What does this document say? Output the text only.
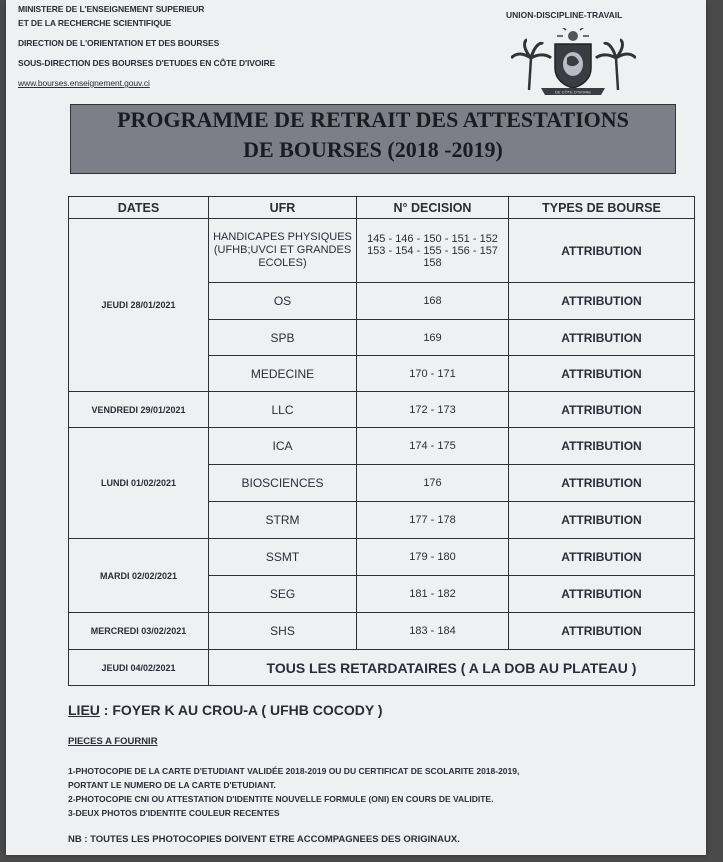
MINISTERE DE L'ENSEIGNEMENT SUPERIEUR
ET DE LA RECHERCHE SCIENTIFIQUE
DIRECTION DE L'ORIENTATION ET DES BOURSES
SOUS-DIRECTION DES BOURSES D'ETUDES EN CÔTE D'IVOIRE
www.bourses.enseignement.gouv.ci
UNION-DISCIPLINE-TRAVAIL
DE CÔTE D'IVOIRE
PROGRAMME DE RETRAIT DES ATTESTATIONS
DE BOURSES (2018 -2019)
DATES	UFR	N° DECISION	TYPES DE BOURSE
JEUDI 28/01/2021	HANDICAPES PHYSIQUES (UFHB;UVCI ET GRANDES ECOLES)	145 - 146 - 150 - 151 - 152 153 - 154 - 155 - 156 - 157 158	ATTRIBUTION
	OS	168	ATTRIBUTION
	SPB	169	ATTRIBUTION
	MEDECINE	170 - 171	ATTRIBUTION
VENDREDI 29/01/2021	LLC	172 - 173	ATTRIBUTION
LUNDI 01/02/2021	ICA	174 - 175	ATTRIBUTION
	BIOSCIENCES	176	ATTRIBUTION
	STRM	177 - 178	ATTRIBUTION
MARDI 02/02/2021	SSMT	179 - 180	ATTRIBUTION
	SEG	181 - 182	ATTRIBUTION
MERCREDI 03/02/2021	SHS	183 - 184	ATTRIBUTION
JEUDI 04/02/2021	TOUS LES RETARDATAIRES ( A LA DOB AU PLATEAU )		
LIEU : FOYER K AU CROU-A ( UFHB COCODY )
PIECES A FOURNIR
1-PHOTOCOPIE DE LA CARTE D'ETUDIANT VALIDÉE 2018-2019 OU DU CERTIFICAT DE SCOLARITE 2018-2019,
PORTANT LE NUMERO DE LA CARTE D'ETUDIANT.
2-PHOTOCOPIE CNI OU ATTESTATION D'IDENTITE NOUVELLE FORMULE (ONI) EN COURS DE VALIDITE.
3-DEUX PHOTOS D'IDENTITE COULEUR RECENTES
NB : TOUTES LES PHOTOCOPIES DOIVENT ETRE ACCOMPAGNEES DES ORIGINAUX.
